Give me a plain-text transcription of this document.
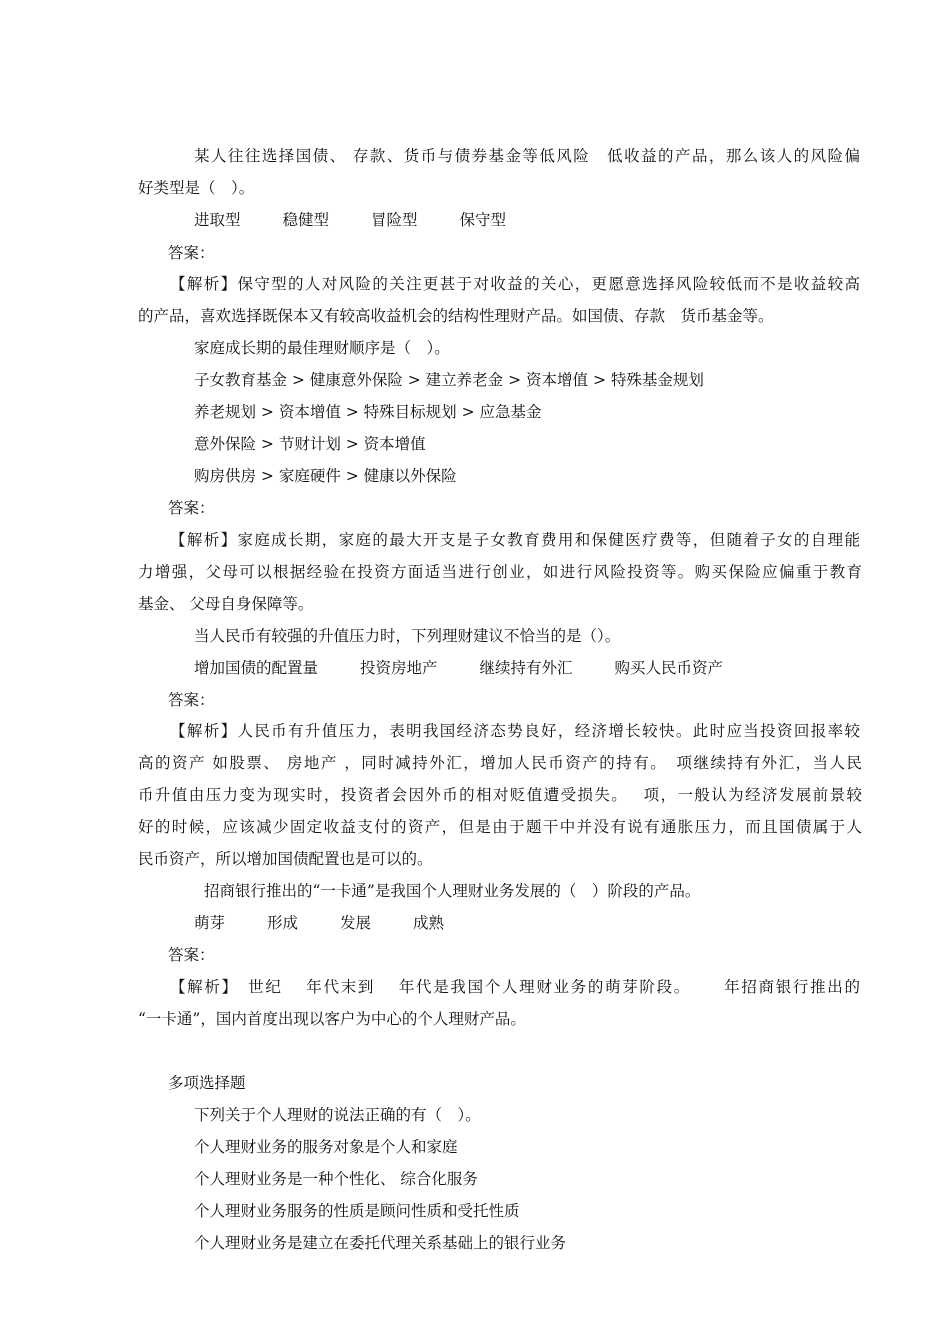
某人往往选择国债、 存款、货币与债券基金等低风险　低收益的产品，那么该人的风险偏
好类型是（　）。
进取型	稳健型	冒险型	保守型
答案：
【解析】保守型的人对风险的关注更甚于对收益的关心，更愿意选择风险较低而不是收益较高
的产品，喜欢选择既保本又有较高收益机会的结构性理财产品。如国债、存款　货币基金等。
家庭成长期的最佳理财顺序是（　）。
子女教育基金 > 健康意外保险 > 建立养老金 > 资本增值 > 特殊基金规划
养老规划 > 资本增值 > 特殊目标规划 > 应急基金
意外保险 > 节财计划 > 资本增值
购房供房 > 家庭硬件 > 健康以外保险
答案：
【解析】家庭成长期，家庭的最大开支是子女教育费用和保健医疗费等，但随着子女的自理能
力增强，父母可以根据经验在投资方面适当进行创业，如进行风险投资等。购买保险应偏重于教育
基金、 父母自身保障等。
当人民币有较强的升值压力时，下列理财建议不恰当的是（）。
增加国债的配置量	投资房地产	继续持有外汇	购买人民币资产
答案：
【解析】人民币有升值压力，表明我国经济态势良好，经济增长较快。此时应当投资回报率较
高的资产 如股票、 房地产 ，同时减持外汇，增加人民币资产的持有。　项继续持有外汇，当人民
币升值由压力变为现实时，投资者会因外币的相对贬值遭受损失。　 项，一般认为经济发展前景较
好的时候，应该减少固定收益支付的资产，但是由于题干中并没有说有通胀压力，而且国债属于人
民币资产，所以增加国债配置也是可以的。
招商银行推出的“一卡通”是我国个人理财业务发展的（　）阶段的产品。
萌芽	形成	发展	成熟
答案：
【解析】　世纪　 年代末到　 年代是我国个人理财业务的萌芽阶段。　　 年招商银行推出的
“一卡通”，国内首度出现以客户为中心的个人理财产品。
多项选择题
下列关于个人理财的说法正确的有（　）。
个人理财业务的服务对象是个人和家庭
个人理财业务是一种个性化、 综合化服务
个人理财业务服务的性质是顾问性质和受托性质
个人理财业务是建立在委托代理关系基础上的银行业务
